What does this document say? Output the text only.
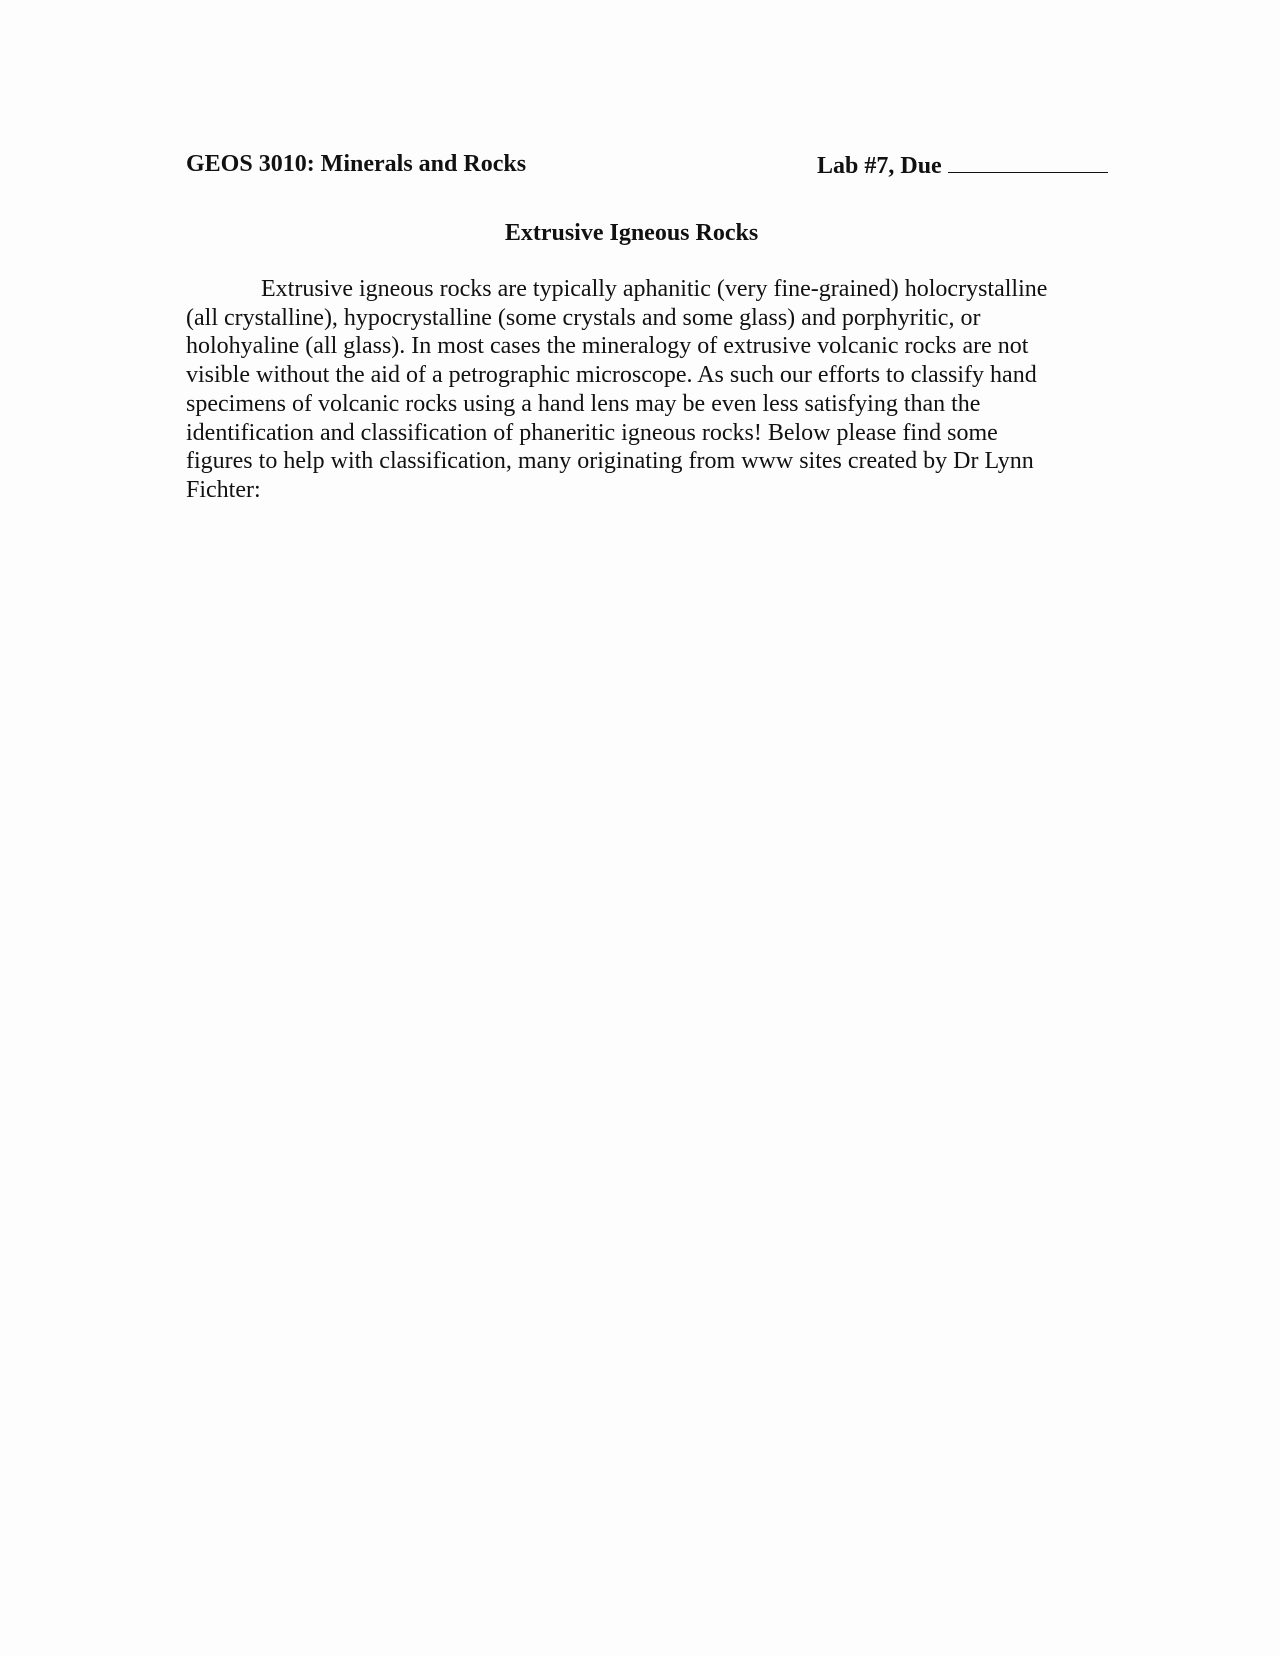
GEOS 3010: Minerals and Rocks	Lab #7, Due
Extrusive Igneous Rocks
Extrusive igneous rocks are typically aphanitic (very fine-grained) holocrystalline
(all crystalline), hypocrystalline (some crystals and some glass) and porphyritic, or
holohyaline (all glass). In most cases the mineralogy of extrusive volcanic rocks are not
visible without the aid of a petrographic microscope. As such our efforts to classify hand
specimens of volcanic rocks using a hand lens may be even less satisfying than the
identification and classification of phaneritic igneous rocks! Below please find some
figures to help with classification, many originating from www sites created by Dr Lynn
Fichter:
